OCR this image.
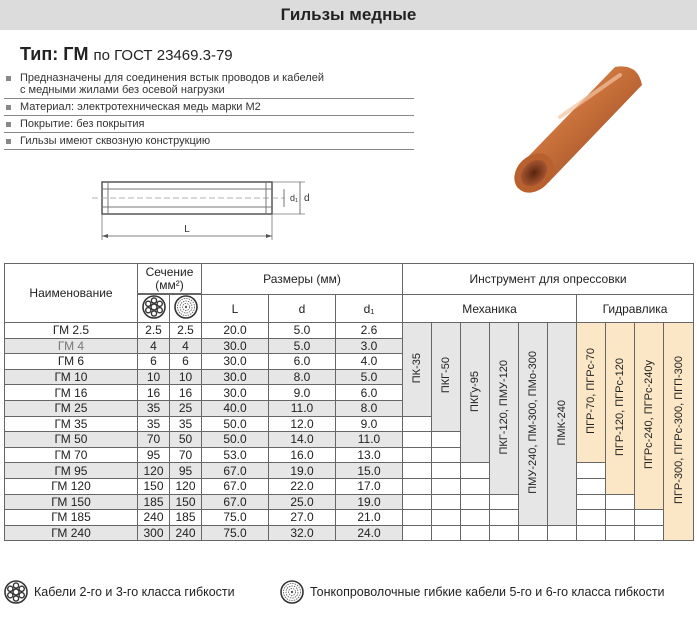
Гильзы медные
Тип: ГМ по ГОСТ 23469.3-79
Предназначены для соединения встык проводов и кабелей
с медными жилами без осевой нагрузки
Материал: электротехническая медь марки М2
Покрытие: без покрытия
Гильзы имеют сквозную конструкцию
L
d₁ d
Наименование	Сечение
(мм²)		Размеры (мм)			Инструмент для опрессовки									

		L	d	d₁	Механика						Гидравлика			
ГМ 2.5	2.5	2.5	20.0	5.0	2.6	ПК-35	ПКГ-50	ПКГу-95	ПКГ-120, ПМУ-120	ПМУ-240, ПМ-300, ПМо-300	ПМК-240	ПГР-70, ПГРс-70	ПГР-120, ПГРс-120	ПГРс-240, ПГРс-240у	ПГР-300, ПГРс-300, ПГП-300
ГМ 4	4	4	30.0	5.0	3.0										
ГМ 6	6	6	30.0	6.0	4.0										
ГМ 10	10	10	30.0	8.0	5.0										
ГМ 16	16	16	30.0	9.0	6.0										
ГМ 25	35	25	40.0	11.0	8.0										
ГМ 35	35	35	50.0	12.0	9.0										
ГМ 50	70	50	50.0	14.0	11.0										
ГМ 70	95	70	53.0	16.0	13.0										
ГМ 95	120	95	67.0	19.0	15.0										
ГМ 120	150	120	67.0	22.0	17.0										
ГМ 150	185	150	67.0	25.0	19.0										
ГМ 185	240	185	75.0	27.0	21.0										
ГМ 240	300	240	75.0	32.0	24.0										
Кабели 2-го и 3-го класса гибкости	Тонкопроволочные гибкие кабели 5-го и 6-го класса гибкости
